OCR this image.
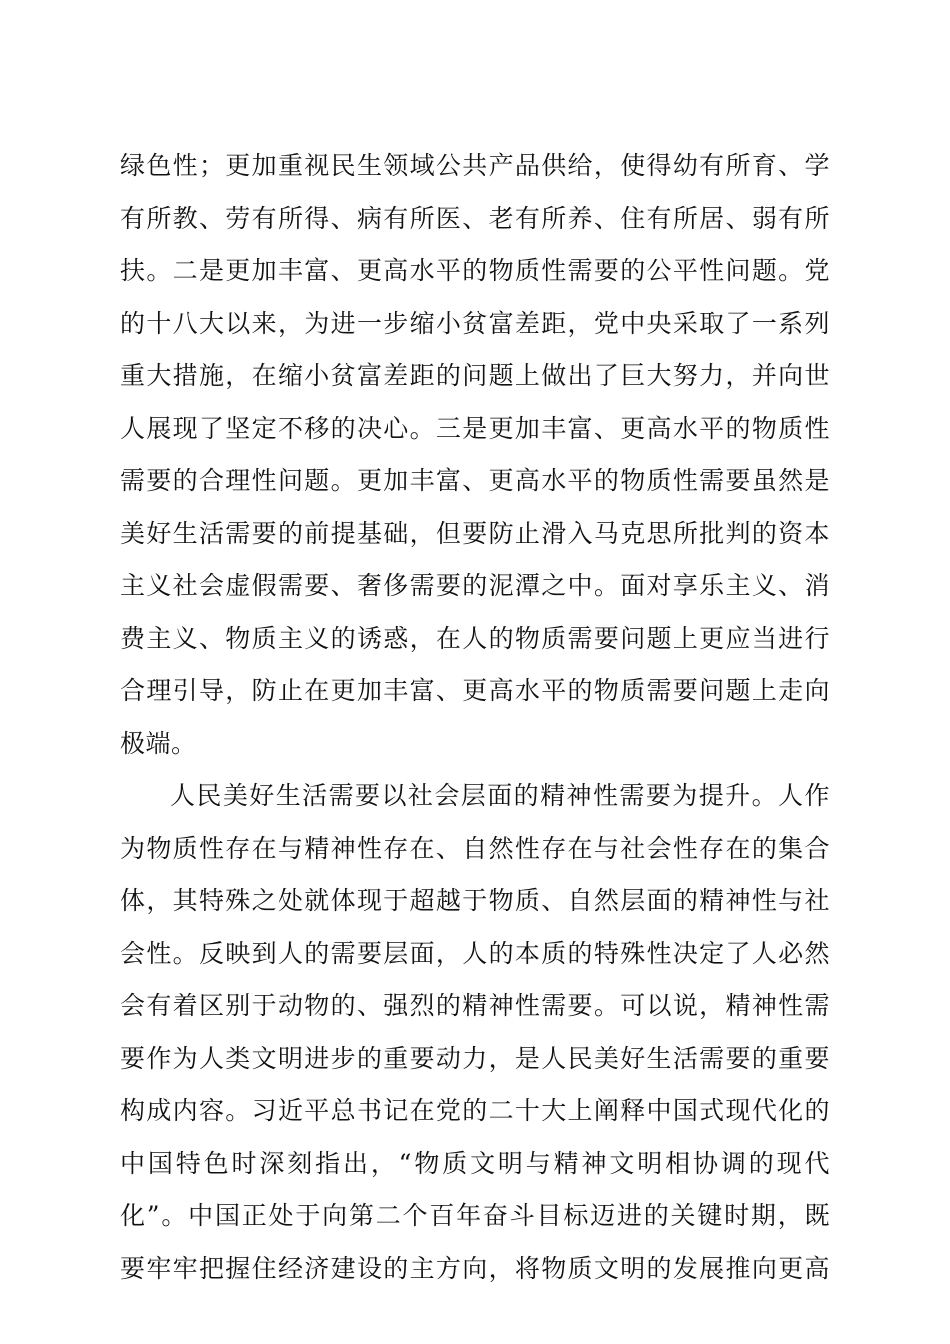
绿色性；更加重视民生领域公共产品供给，使得幼有所育、学
有所教、劳有所得、病有所医、老有所养、住有所居、弱有所
扶。二是更加丰富、更高水平的物质性需要的公平性问题。党
的十八大以来，为进一步缩小贫富差距，党中央采取了一系列
重大措施，在缩小贫富差距的问题上做出了巨大努力，并向世
人展现了坚定不移的决心。三是更加丰富、更高水平的物质性
需要的合理性问题。更加丰富、更高水平的物质性需要虽然是
美好生活需要的前提基础，但要防止滑入马克思所批判的资本
主义社会虚假需要、奢侈需要的泥潭之中。面对享乐主义、消
费主义、物质主义的诱惑，在人的物质需要问题上更应当进行
合理引导，防止在更加丰富、更高水平的物质需要问题上走向
极端。
人民美好生活需要以社会层面的精神性需要为提升。人作
为物质性存在与精神性存在、自然性存在与社会性存在的集合
体，其特殊之处就体现于超越于物质、自然层面的精神性与社
会性。反映到人的需要层面，人的本质的特殊性决定了人必然
会有着区别于动物的、强烈的精神性需要。可以说，精神性需
要作为人类文明进步的重要动力，是人民美好生活需要的重要
构成内容。习近平总书记在党的二十大上阐释中国式现代化的
中国特色时深刻指出，“物质文明与精神文明相协调的现代
化”。中国正处于向第二个百年奋斗目标迈进的关键时期，既
要牢牢把握住经济建设的主方向，将物质文明的发展推向更高
